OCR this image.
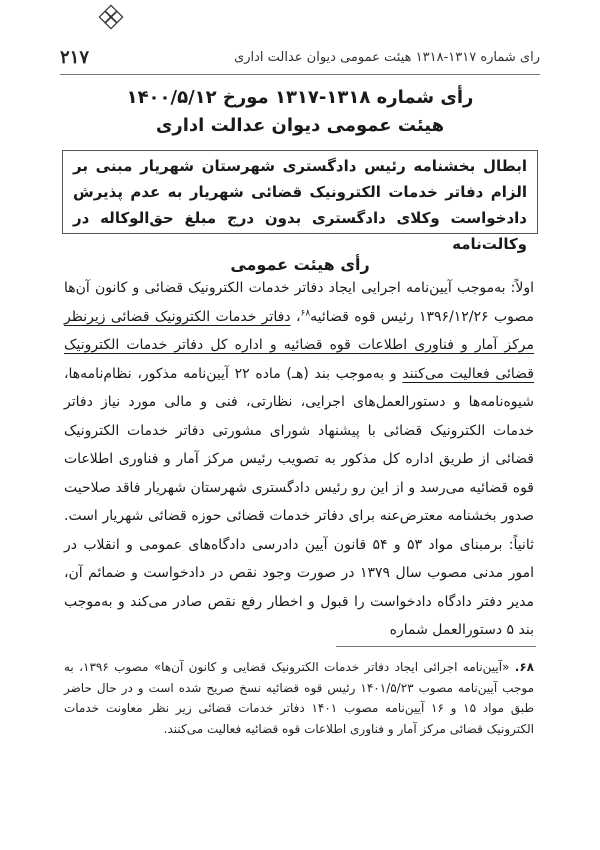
رای شماره ۱۳۱۷-۱۳۱۸ هیئت عمومی دیوان عدالت اداری
۲۱۷

رأی شماره ۱۳۱۸-۱۳۱۷ مورخ ۱۴۰۰/۵/۱۲

هیئت عمومی دیوان عدالت اداری

ابطال بخشنامه رئیس دادگستری شهرستان شهریار مبنی بر الزام دفاتر خدمات الکترونیک قضائی شهریار به عدم پذیرش دادخواست وکلای دادگستری بدون درج مبلغ حق‌الوکاله در وکالت‌نامه

رأی هیئت عمومی

اولاً: به‌موجب آیین‌نامه اجرایی ایجاد دفاتر خدمات الکترونیک قضائی و کانون آن‌ها مصوب ۱۳۹۶/۱۲/۲۶ رئیس قوه قضائیه$^{۶۸}$، دفاتر خدمات الکترونیک قضائی زیرنظر مرکز آمار و فناوری اطلاعات قوه قضائیه و اداره کل دفاتر خدمات الکترونیک قضائی فعالیت می‌کنند و به‌موجب بند (هـ) ماده ۲۲ آیین‌نامه مذکور، نظام‌نامه‌ها، شیوه‌نامه‌ها و دستورالعمل‌های اجرایی، نظارتی، فنی و مالی مورد نیاز دفاتر خدمات الکترونیک قضائی با پیشنهاد شورای مشورتی دفاتر خدمات الکترونیک قضائی از طریق اداره کل مذکور به تصویب رئیس مرکز آمار و فناوری اطلاعات قوه قضائیه می‌رسد و از این رو رئیس دادگستری شهرستان شهریار فاقد صلاحیت صدور بخشنامه معترض‌عنه برای دفاتر خدمات قضائی حوزه قضائی شهریار است. ثانیاً: برمبنای مواد ۵۳ و ۵۴ قانون آیین دادرسی دادگاه‌های عمومی و انقلاب در امور مدنی مصوب سال ۱۳۷۹ در صورت وجود نقص در دادخواست و ضمائم آن، مدیر دفتر دادگاه دادخواست را قبول و اخطار رفع نقص صادر می‌کند و به‌موجب بند ۵ دستورالعمل شماره

۶۸. «آیین‌نامه اجرائی ایجاد دفاتر خدمات الکترونیک قضایی و کانون آن‌ها» مصوب ۱۳۹۶، به موجب آیین‌نامه مصوب ۱۴۰۱/۵/۲۳ رئیس قوه قضائیه نسخ صریح شده است و در حال حاضر طبق مواد ۱۵ و ۱۶ آیین‌نامه مصوب ۱۴۰۱ دفاتر خدمات قضائی زیر نظر معاونت خدمات الکترونیک قضائی مرکز آمار و فناوری اطلاعات قوه قضائیه فعالیت می‌کنند.
